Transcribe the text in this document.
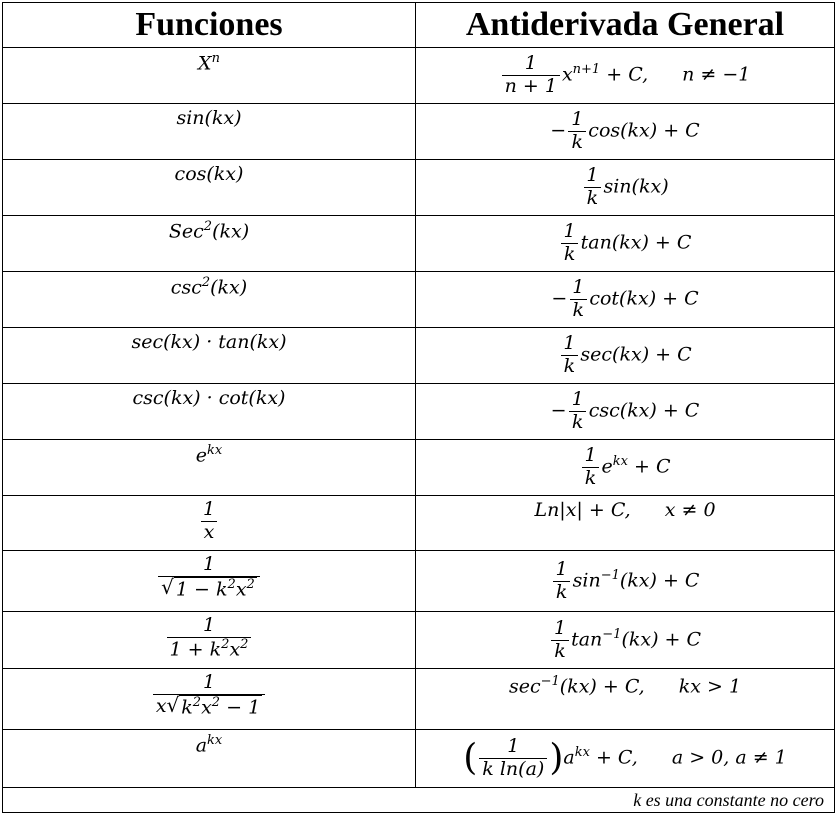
Funciones	Antiderivada General
$X^n$	$\frac{1}{n + 1} x^{n+1} + C$, n ≠ −1
sin(kx)	− $\frac{1}{k} \cos(kx) + C$
cos(kx)	$\frac{1}{k} \sin(kx)$
Sec$^2$(kx)	$\frac{1}{k} \tan(kx) + C$
$\csc^2(kx)$	− $\frac{1}{k} \cot(kx) + C$
sec(kx) · tan(kx)	$\frac{1}{k} \sec(kx) + C$
csc(kx) · cot(kx)	− $\frac{1}{k} \csc(kx) + C$
$e^{kx}$	$\frac{1}{k} e^{kx} + C$

$\frac{1}{x}$	Ln|x| + C, x ≠ 0

$\frac{1}{√ 1 - k^2x^2}$	$\frac{1}{k} \sin^{-1}(kx) + C$

$\frac{1}{1 + k^2x^2}$	$\frac{1}{k} \tan^{-1}(kx) + C$

$\frac{1}{x √ k^2x^2 - 1}$	$\sec^{-1}(kx) + C$, kx > 1
$a^{kx}$	( $\frac{1}{\text{k ln(a)}} )a^{kx} + C$, a > 0, a ≠ 1
k es una constante no cero	
